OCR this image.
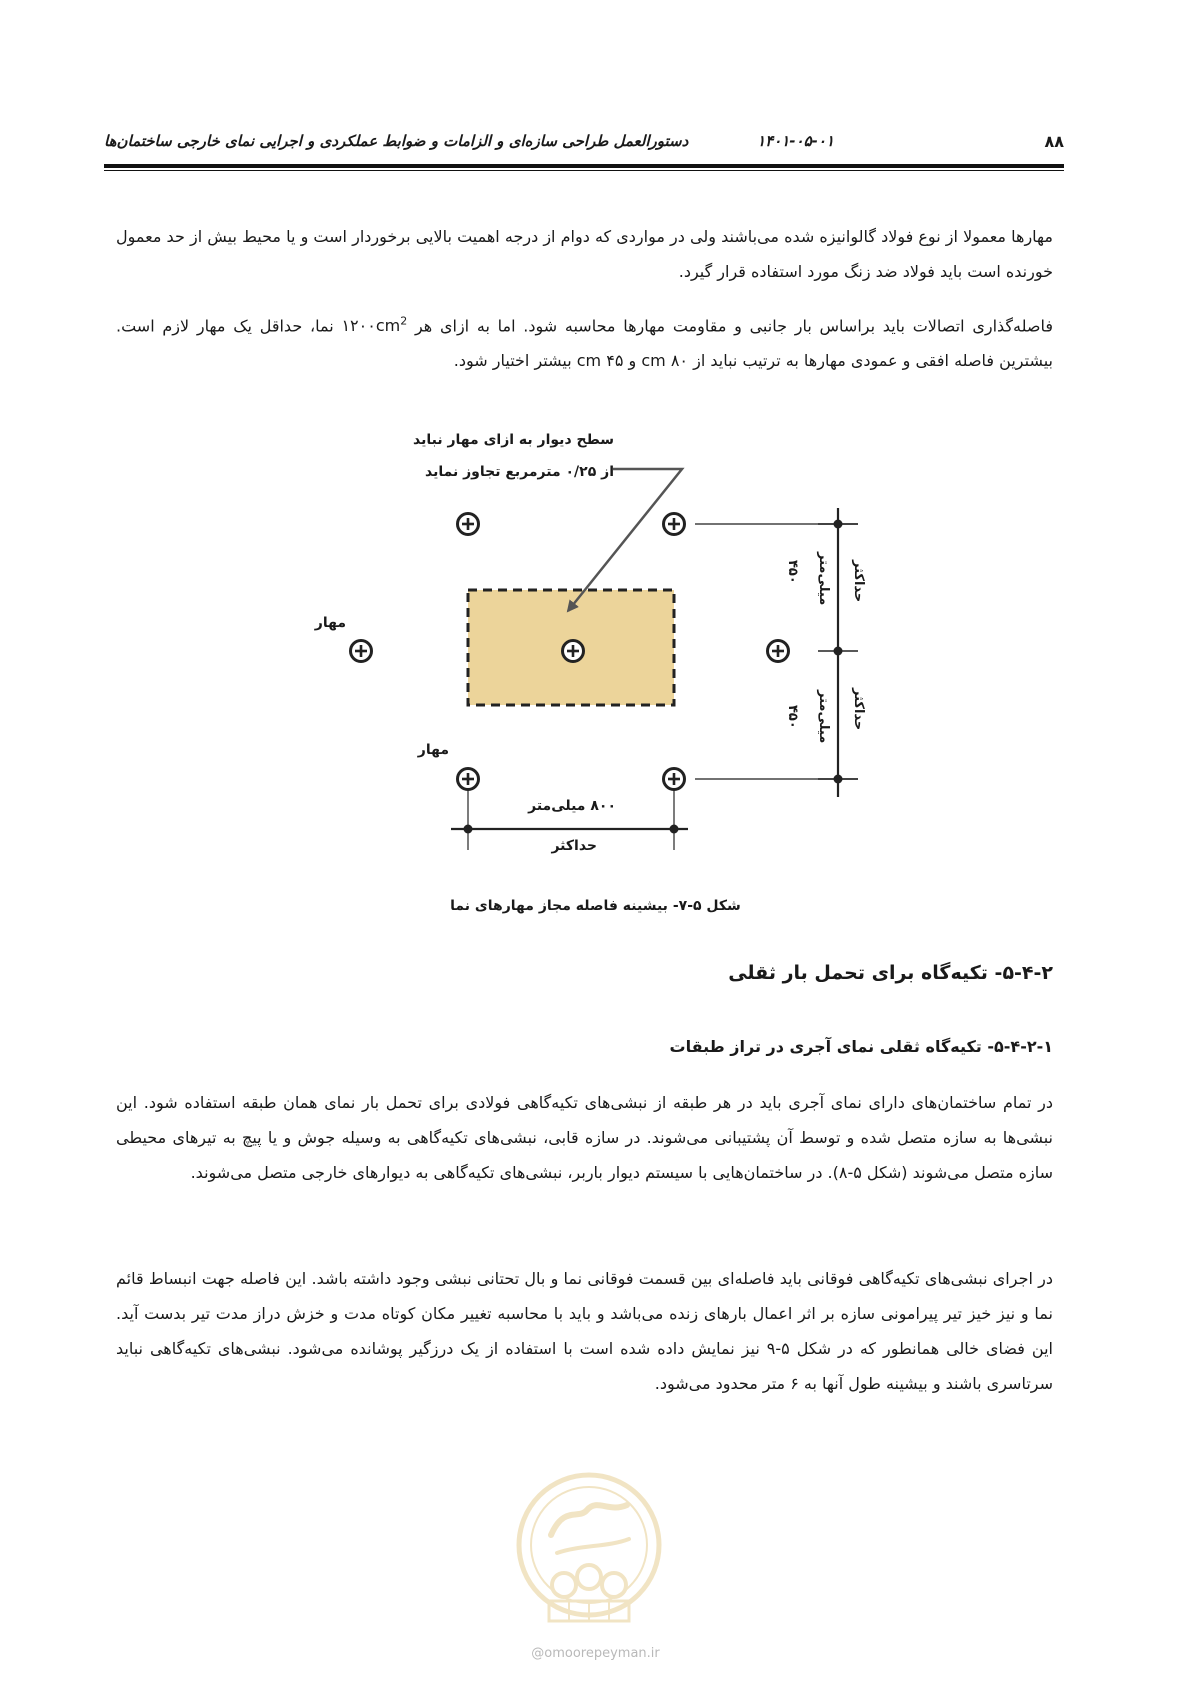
۸۸
۱۴۰۱-۰۵-۰۱
دستورالعمل طراحی سازه‌ای و الزامات و ضوابط عملکردی و اجرایی نمای خارجی ساختمان‌ها

مهارها معمولا از نوع فولاد گالوانیزه شده می‌باشند ولی در مواردی که دوام از درجه اهمیت بالایی برخوردار است و یا محیط بیش از حد معمول خورنده است باید فولاد ضد زنگ مورد استفاده قرار گیرد.

فاصله‌گذاری اتصالات باید براساس بار جانبی و مقاومت مهارها محاسبه شود. اما به ازای هر $۱۲۰۰cm^2$ نما، حداقل یک مهار لازم است. بیشترین فاصله افقی و عمودی مهارها به ترتیب نباید از ۸۰ cm و ۴۵ cm بیشتر اختیار شود.

سطح دیوار به ازای مهار نباید
از ۰/۲۵ مترمربع تجاوز نماید
مهار
مهار
۴۵۰ میلی‌متر حداکثر
۴۵۰ میلی‌متر حداکثر
۸۰۰ میلی‌متر
حداکثر
شکل ۵-۷- بیشینه فاصله مجاز مهارهای نما
۵-۴-۲- تکیه‌گاه برای تحمل بار ثقلی
۵-۴-۲-۱- تکیه‌گاه ثقلی نمای آجری در تراز طبقات

در تمام ساختمان‌های دارای نمای آجری باید در هر طبقه از نبشی‌های تکیه‌گاهی فولادی برای تحمل بار نمای همان طبقه استفاده شود. این نبشی‌ها به سازه متصل شده و توسط آن پشتیبانی می‌شوند. در سازه قابی، نبشی‌های تکیه‌گاهی به وسیله جوش و یا پیچ به تیرهای محیطی سازه متصل می‌شوند (شکل ۵-۸). در ساختمان‌هایی با سیستم دیوار باربر، نبشی‌های تکیه‌گاهی به دیوارهای خارجی متصل می‌شوند.

در اجرای نبشی‌های تکیه‌گاهی فوقانی باید فاصله‌ای بین قسمت فوقانی نما و بال تحتانی نبشی وجود داشته باشد. این فاصله جهت انبساط قائم نما و نیز خیز تیر پیرامونی سازه بر اثر اعمال بارهای زنده می‌باشد و باید با محاسبه تغییر مکان کوتاه مدت و خزش دراز مدت تیر بدست آید. این فضای خالی همانطور که در شکل ۵-۹ نیز نمایش داده شده است با استفاده از یک درزگیر پوشانده می‌شود. نبشی‌های تکیه‌گاهی نباید سرتاسری باشند و بیشینه طول آنها به ۶ متر محدود می‌شود.

@omoorepeyman.ir
